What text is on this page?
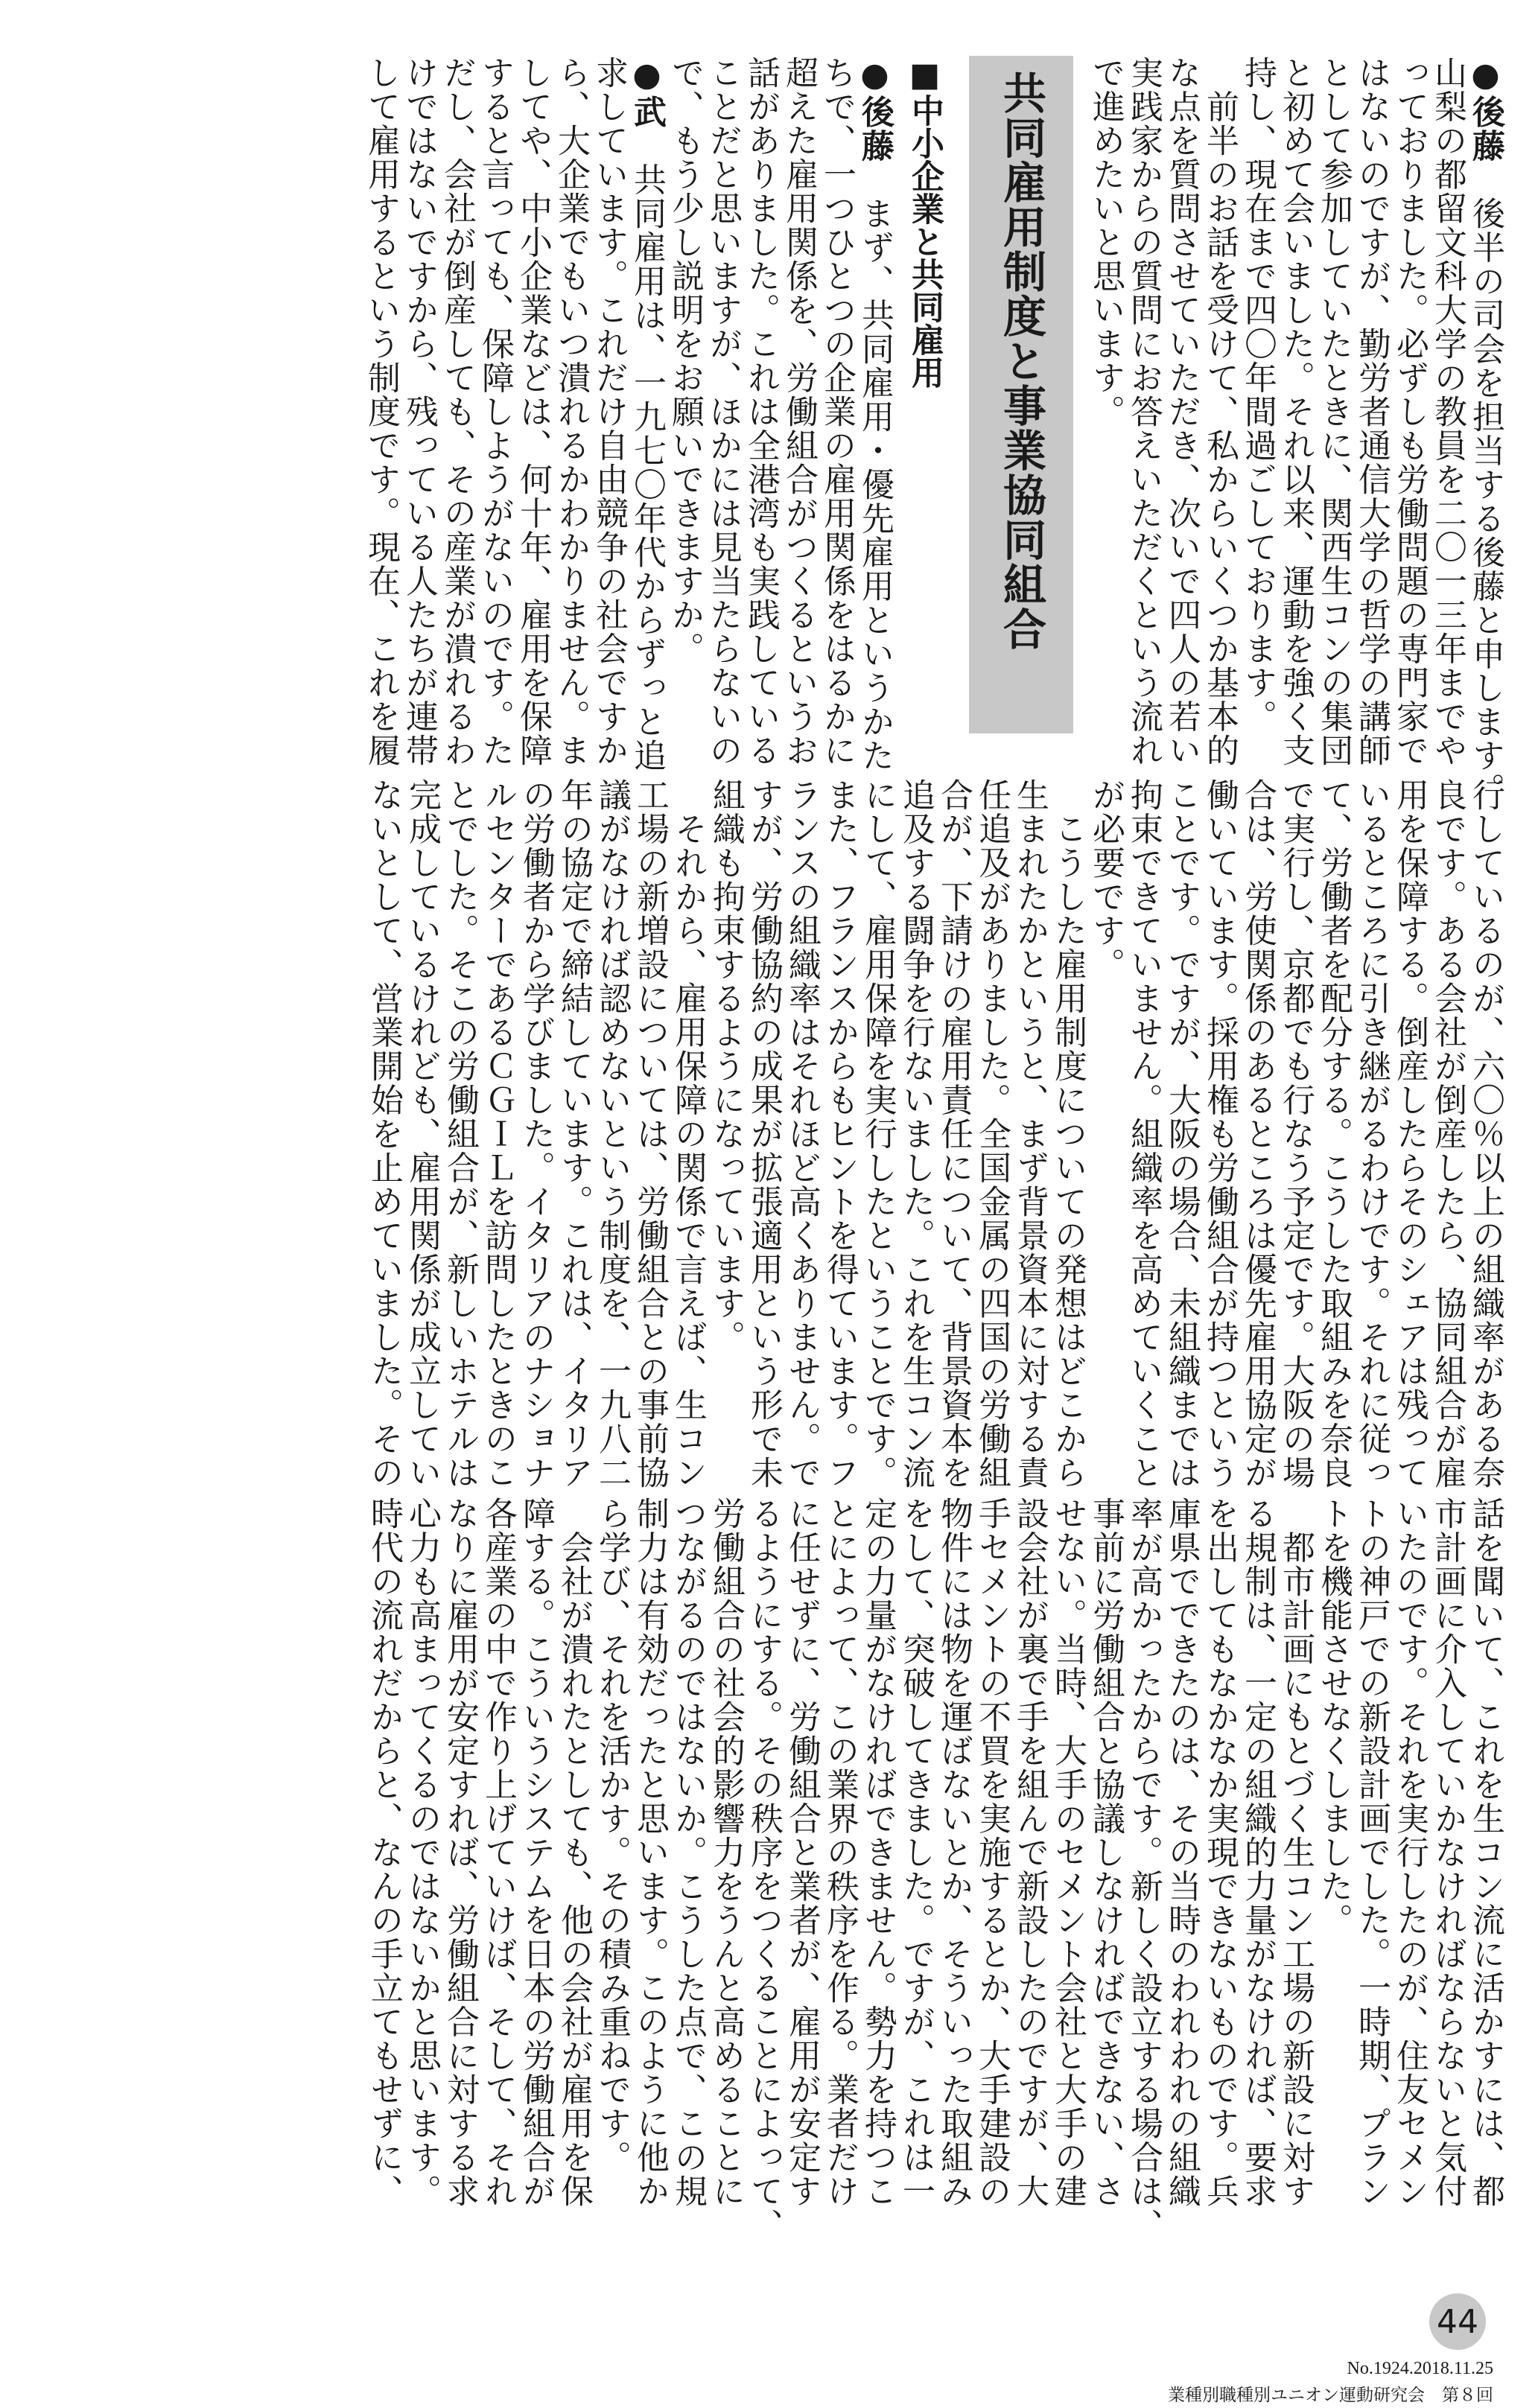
●後藤　後半の司会を担当する後藤と申します。

山梨の都留文科大学の教員を二〇一三年までや

っておりました。必ずしも労働問題の専門家で

はないのですが、勤労者通信大学の哲学の講師

として参加していたときに、関西生コンの集団

と初めて会いました。それ以来、運動を強く支

持し、現在まで四〇年間過ごしております。

　前半のお話を受けて、私からいくつか基本的

な点を質問させていただき、次いで四人の若い

実践家からの質問にお答えいただくという流れ

で進めたいと思います。

共同雇用制度と事業協同組合
■中小企業と共同雇用

●後藤　まず、共同雇用・優先雇用というかた

ちで、一つひとつの企業の雇用関係をはるかに

超えた雇用関係を、労働組合がつくるというお

話がありました。これは全港湾も実践している

ことだと思いますが、ほかには見当たらないの

で、もう少し説明をお願いできますか。

●武　共同雇用は、一九七〇年代からずっと追

求しています。これだけ自由競争の社会ですか

ら、大企業でもいつ潰れるかわかりません。ま

してや、中小企業などは、何十年、雇用を保障

すると言っても、保障しようがないのです。た

だし、会社が倒産しても、その産業が潰れるわ

けではないですから、残っている人たちが連帯

して雇用するという制度です。現在、これを履

行しているのが、六〇％以上の組織率がある奈

良です。ある会社が倒産したら、協同組合が雇

用を保障する。倒産したらそのシェアは残って

いるところに引き継がるわけです。それに従っ

て、労働者を配分する。こうした取組みを奈良

で実行し、京都でも行なう予定です。大阪の場

合は、労使関係のあるところは優先雇用協定が

働いています。採用権も労働組合が持つという

ことです。ですが、大阪の場合、未組織までは

拘束できていません。組織率を高めていくこと

が必要です。

　こうした雇用制度についての発想はどこから

生まれたかというと、まず背景資本に対する責

任追及がありました。全国金属の四国の労働組

合が、下請けの雇用責任について、背景資本を

追及する闘争を行ないました。これを生コン流

にして、雇用保障を実行したということです。

また、フランスからもヒントを得ています。フ

ランスの組織率はそれほど高くありません。で

すが、労働協約の成果が拡張適用という形で未

組織も拘束するようになっています。

　それから、雇用保障の関係で言えば、生コン

工場の新増設については、労働組合との事前協

議がなければ認めないという制度を、一九八二

年の協定で締結しています。これは、イタリア

の労働者から学びました。イタリアのナショナ

ルセンターであるＣＧＩＬを訪問したときのこ

とでした。そこの労働組合が、新しいホテルは

完成しているけれども、雇用関係が成立してい

ないとして、営業開始を止めていました。その

話を聞いて、これを生コン流に活かすには、都

市計画に介入していかなければならないと気付

いたのです。それを実行したのが、住友セメン

トの神戸での新設計画でした。一時期、プラン

トを機能させなくしました。

　都市計画にもとづく生コン工場の新設に対す

る規制は、一定の組織的力量がなければ、要求

を出してもなかなか実現できないものです。兵

庫県でできたのは、その当時のわれわれの組織

率が高かったからです。新しく設立する場合は、

事前に労働組合と協議しなければできない、さ

せない。当時、大手のセメント会社と大手の建

設会社が裏で手を組んで新設したのですが、大

手セメントの不買を実施するとか、大手建設の

物件には物を運ばないとか、そういった取組み

をして、突破してきました。ですが、これは一

定の力量がなければできません。勢力を持つこ

とによって、この業界の秩序を作る。業者だけ

に任せずに、労働組合と業者が、雇用が安定す

るようにする。その秩序をつくることによって、

労働組合の社会的影響力をうんと高めることに

つながるのではないか。こうした点で、この規

制力は有効だったと思います。このように他か

ら学び、それを活かす。その積み重ねです。

　会社が潰れたとしても、他の会社が雇用を保

障する。こういうシステムを日本の労働組合が

各産業の中で作り上げていけば、そして、それ

なりに雇用が安定すれば、労働組合に対する求

心力も高まってくるのではないかと思います。

時代の流れだからと、なんの手立てもせずに、

44
No.1924.2018.11.25
業種別職種別ユニオン運動研究会　第８回
